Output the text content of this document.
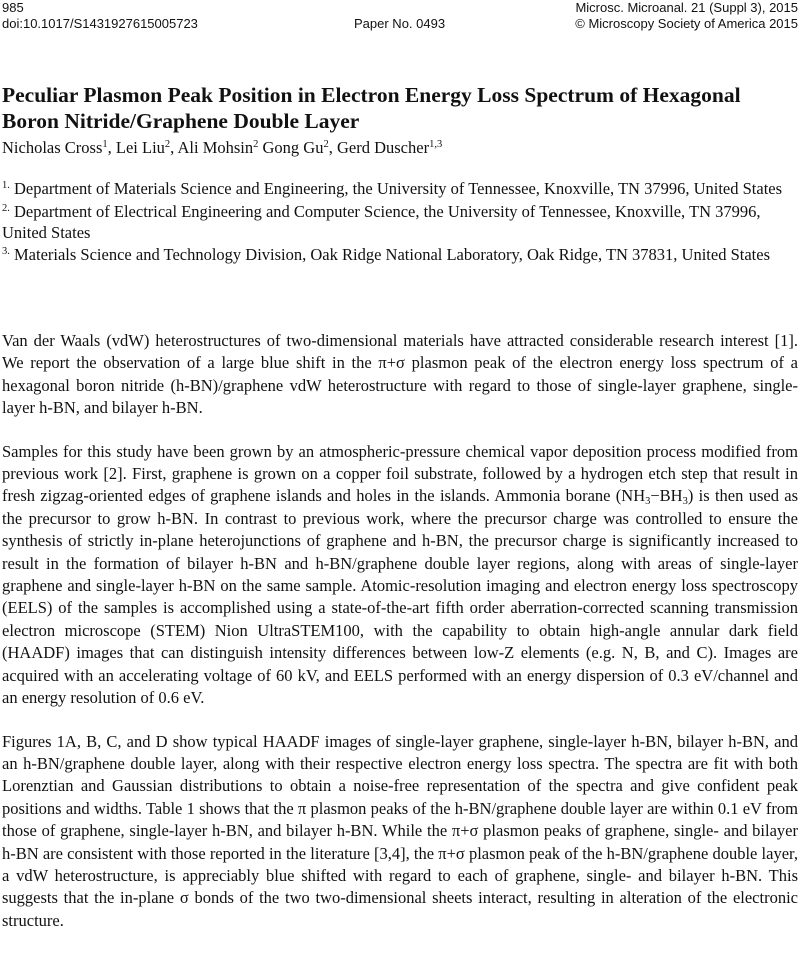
985
doi:10.1017/S1431927615005723	Paper No. 0493
Microsc. Microanal. 21 (Suppl 3), 2015
© Microscopy Society of America 2015
Peculiar Plasmon Peak Position in Electron Energy Loss Spectrum of Hexagonal Boron Nitride/Graphene Double Layer
Nicholas Cross$^1$, Lei Liu$^2$, Ali Mohsin$^2$ Gong Gu$^2$, Gerd Duscher$^{1,3}$

$^{1.}$ Department of Materials Science and Engineering, the University of Tennessee, Knoxville, TN 37996, United States

$^{2.}$ Department of Electrical Engineering and Computer Science, the University of Tennessee, Knoxville, TN 37996, United States

$^{3.}$ Materials Science and Technology Division, Oak Ridge National Laboratory, Oak Ridge, TN 37831, United States

Van der Waals (vdW) heterostructures of two-dimensional materials have attracted considerable research interest [1]. We report the observation of a large blue shift in the π+σ plasmon peak of the electron energy loss spectrum of a hexagonal boron nitride (h-BN)/graphene vdW heterostructure with regard to those of single-layer graphene, single-layer h-BN, and bilayer h-BN.

Samples for this study have been grown by an atmospheric-pressure chemical vapor deposition process modified from previous work [2]. First, graphene is grown on a copper foil substrate, followed by a hydrogen etch step that result in fresh zigzag-oriented edges of graphene islands and holes in the islands. Ammonia borane $(NH_3-BH_3)$ is then used as the precursor to grow h-BN. In contrast to previous work, where the precursor charge was controlled to ensure the synthesis of strictly in-plane heterojunctions of graphene and h-BN, the precursor charge is significantly increased to result in the formation of bilayer h-BN and h-BN/graphene double layer regions, along with areas of single-layer graphene and single-layer h-BN on the same sample. Atomic-resolution imaging and electron energy loss spectroscopy (EELS) of the samples is accomplished using a state-of-the-art fifth order aberration-corrected scanning transmission electron microscope (STEM) Nion UltraSTEM100, with the capability to obtain high-angle annular dark field (HAADF) images that can distinguish intensity differences between low-Z elements (e.g. N, B, and C). Images are acquired with an accelerating voltage of 60 kV, and EELS performed with an energy dispersion of 0.3 eV/channel and an energy resolution of 0.6 eV.

Figures 1A, B, C, and D show typical HAADF images of single-layer graphene, single-layer h-BN, bilayer h-BN, and an h-BN/graphene double layer, along with their respective electron energy loss spectra. The spectra are fit with both Lorenztian and Gaussian distributions to obtain a noise-free representation of the spectra and give confident peak positions and widths. Table 1 shows that the π plasmon peaks of the h-BN/graphene double layer are within 0.1 eV from those of graphene, single-layer h-BN, and bilayer h-BN. While the π+σ plasmon peaks of graphene, single- and bilayer h-BN are consistent with those reported in the literature [3,4], the π+σ plasmon peak of the h-BN/graphene double layer, a vdW heterostructure, is appreciably blue shifted with regard to each of graphene, single- and bilayer h-BN. This suggests that the in-plane σ bonds of the two two-dimensional sheets interact, resulting in alteration of the electronic structure.
